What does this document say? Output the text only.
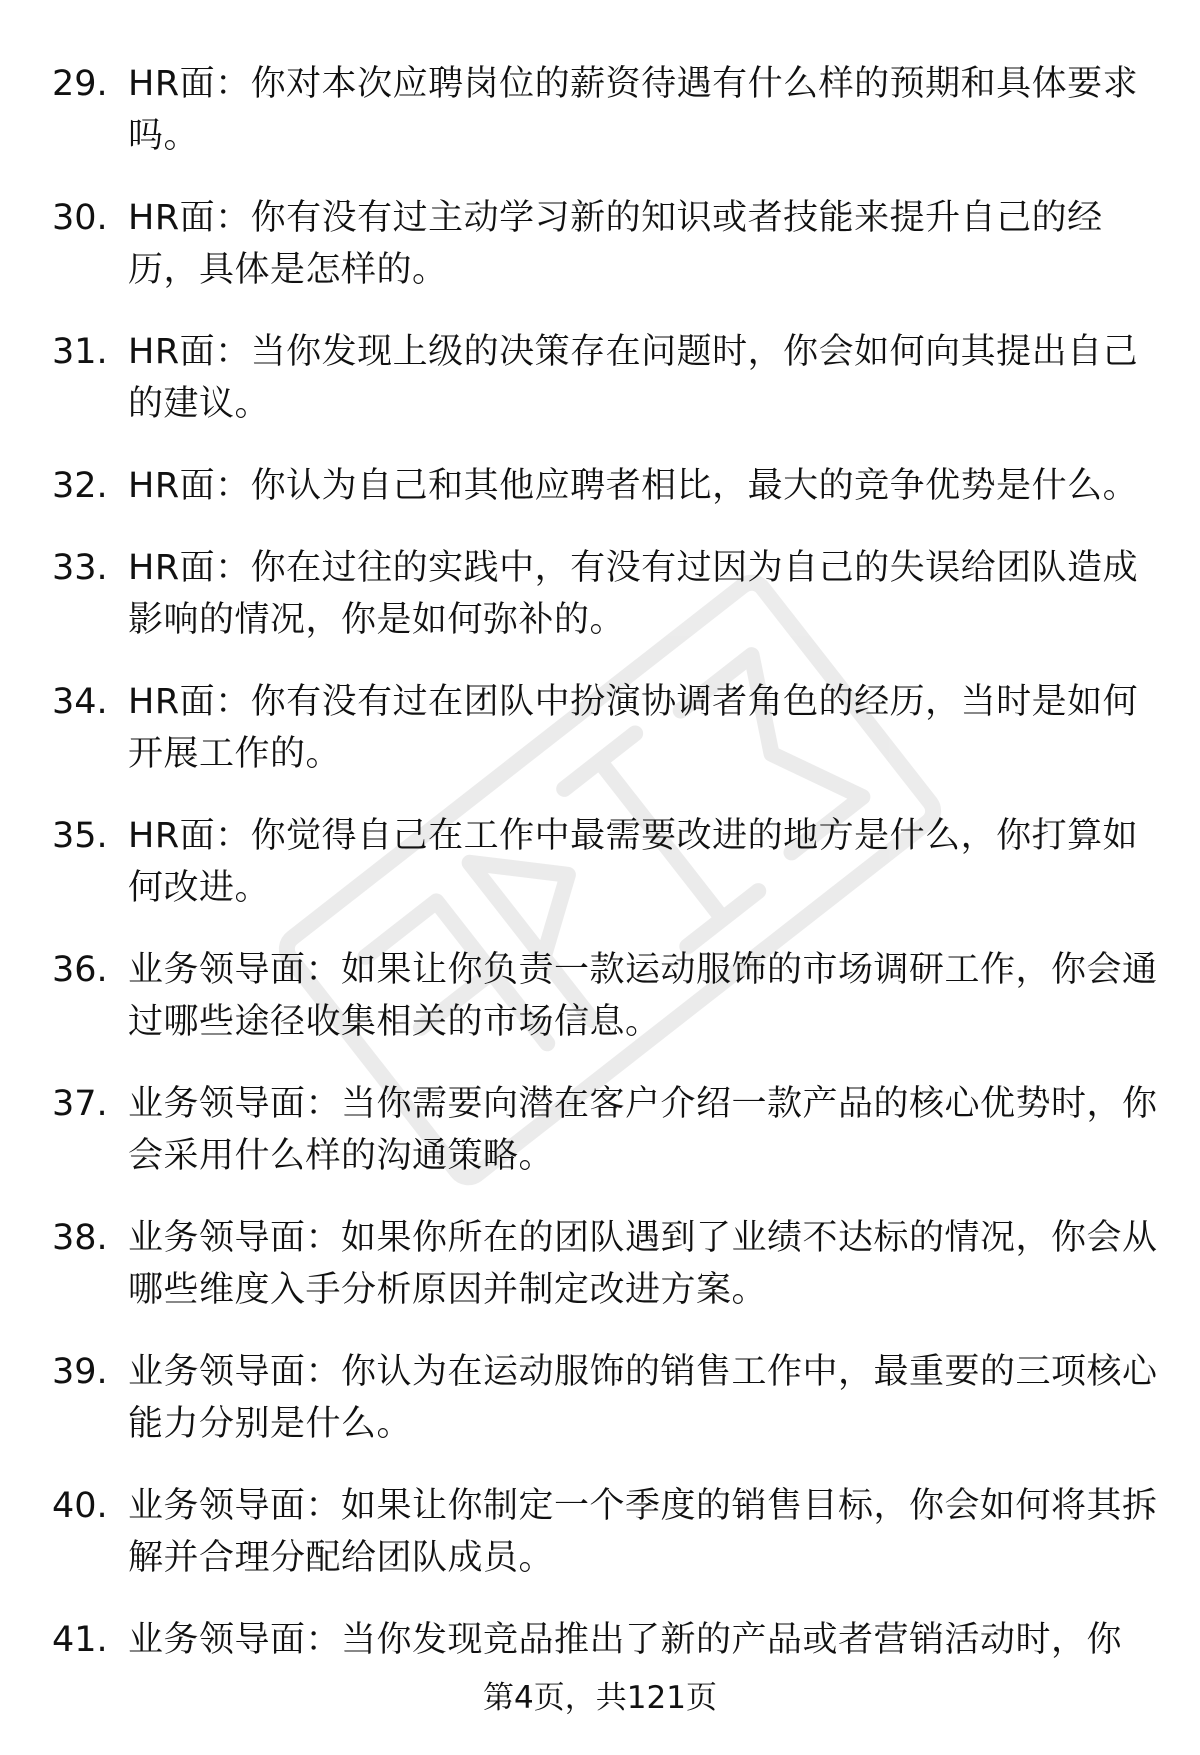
29. HR面：你对本次应聘岗位的薪资待遇有什么样的预期和具体要求吗。
30. HR面：你有没有过主动学习新的知识或者技能来提升自己的经历，具体是怎样的。
31. HR面：当你发现上级的决策存在问题时，你会如何向其提出自己的建议。
32. HR面：你认为自己和其他应聘者相比，最大的竞争优势是什么。
33. HR面：你在过往的实践中，有没有过因为自己的失误给团队造成影响的情况，你是如何弥补的。
34. HR面：你有没有过在团队中扮演协调者角色的经历，当时是如何开展工作的。
35. HR面：你觉得自己在工作中最需要改进的地方是什么，你打算如何改进。
36. 业务领导面：如果让你负责一款运动服饰的市场调研工作，你会通过哪些途径收集相关的市场信息。
37. 业务领导面：当你需要向潜在客户介绍一款产品的核心优势时，你会采用什么样的沟通策略。
38. 业务领导面：如果你所在的团队遇到了业绩不达标的情况，你会从哪些维度入手分析原因并制定改进方案。
39. 业务领导面：你认为在运动服饰的销售工作中，最重要的三项核心能力分别是什么。
40. 业务领导面：如果让你制定一个季度的销售目标，你会如何将其拆解并合理分配给团队成员。
41. 业务领导面：当你发现竞品推出了新的产品或者营销活动时，你
第4页，共121页
